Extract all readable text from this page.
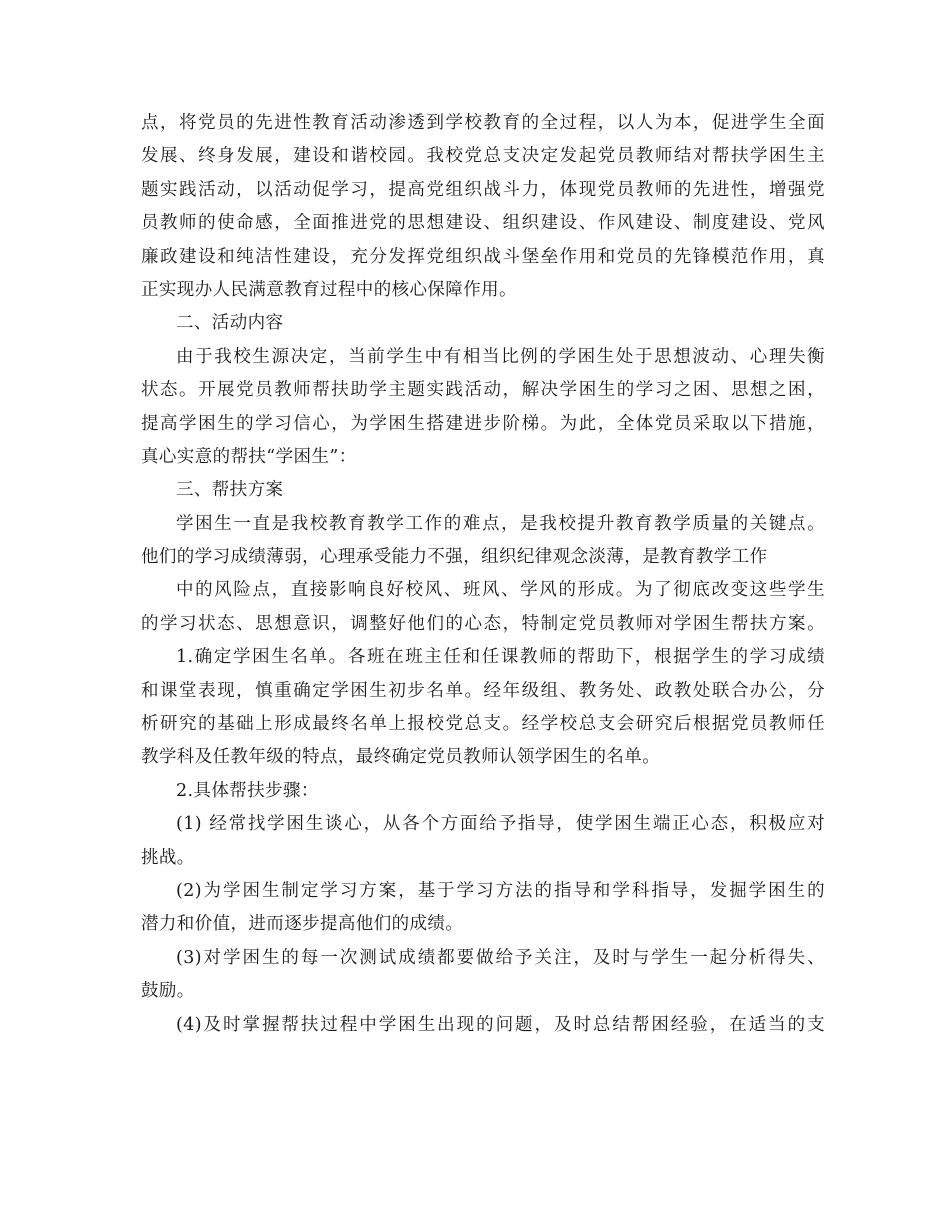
点，将党员的先进性教育活动渗透到学校教育的全过程，以人为本，促进学生全面
发展、终身发展，建设和谐校园。我校党总支决定发起党员教师结对帮扶学困生主
题实践活动，以活动促学习，提高党组织战斗力，体现党员教师的先进性，增强党
员教师的使命感，全面推进党的思想建设、组织建设、作风建设、制度建设、党风
廉政建设和纯洁性建设，充分发挥党组织战斗堡垒作用和党员的先锋模范作用，真
正实现办人民满意教育过程中的核心保障作用。
二、活动内容
由于我校生源决定，当前学生中有相当比例的学困生处于思想波动、心理失衡
状态。开展党员教师帮扶助学主题实践活动，解决学困生的学习之困、思想之困，
提高学困生的学习信心，为学困生搭建进步阶梯。为此，全体党员采取以下措施，
真心实意的帮扶“学困生”：
三、帮扶方案
学困生一直是我校教育教学工作的难点，是我校提升教育教学质量的关键点。
他们的学习成绩薄弱，心理承受能力不强，组织纪律观念淡薄，是教育教学工作
中的风险点，直接影响良好校风、班风、学风的形成。为了彻底改变这些学生
的学习状态、思想意识，调整好他们的心态，特制定党员教师对学困生帮扶方案。
1.确定学困生名单。各班在班主任和任课教师的帮助下，根据学生的学习成绩
和课堂表现，慎重确定学困生初步名单。经年级组、教务处、政教处联合办公，分
析研究的基础上形成最终名单上报校党总支。经学校总支会研究后根据党员教师任
教学科及任教年级的特点，最终确定党员教师认领学困生的名单。
2.具体帮扶步骤：
(1) 经常找学困生谈心，从各个方面给予指导，使学困生端正心态，积极应对
挑战。
(2)为学困生制定学习方案，基于学习方法的指导和学科指导，发掘学困生的
潜力和价值，进而逐步提高他们的成绩。
(3)对学困生的每一次测试成绩都要做给予关注，及时与学生一起分析得失、
鼓励。
(4)及时掌握帮扶过程中学困生出现的问题，及时总结帮困经验，在适当的支
